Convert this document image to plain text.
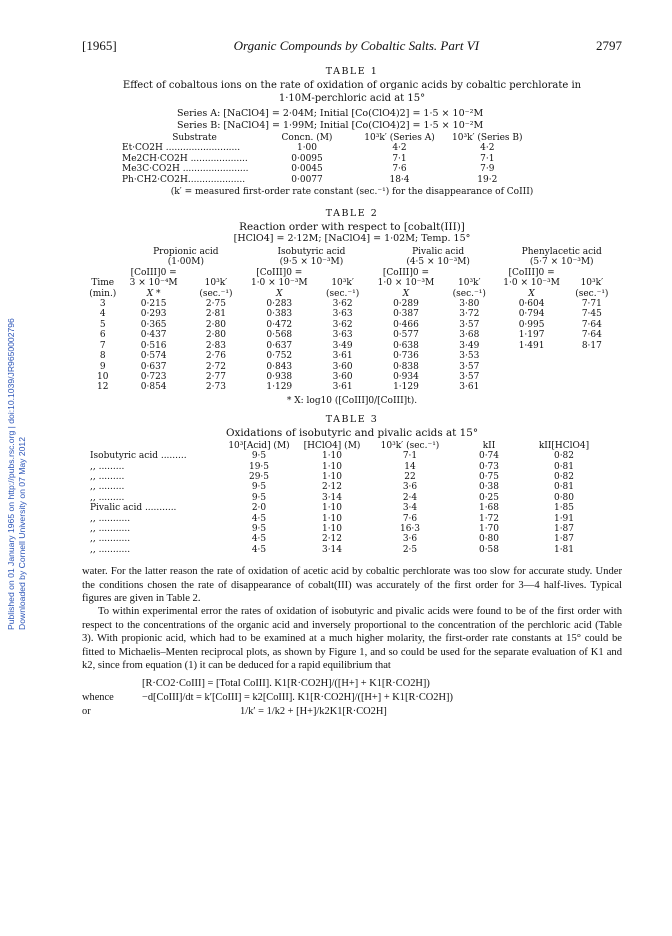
Published on 01 January 1965 on http://pubs.rsc.org | doi:10.1039/JR9650002796 Downloaded by Cornell University on 07 May 2012
[1965]	Organic Compounds by Cobaltic Salts. Part VI	2797
TABLE 1
Effect of cobaltous ions on the rate of oxidation of organic acids by cobaltic perchlorate in 1·10M-perchloric acid at 15°
Series A: [NaClO4] = 2·04M; Initial [Co(ClO4)2] = 1·5 × 10⁻²M
Series B: [NaClO4] = 1·99M; Initial [Co(ClO4)2] = 1·5 × 10⁻²M
Substrate	Concn. (M)	10³k′ (Series A)	10³k′ (Series B)
Et·CO2H ..........................	1·00	4·2	4·2
Me2CH·CO2H ....................	0·0095	7·1	7·1
Me3C·CO2H .......................	0·0045	7·6	7·9
Ph·CH2·CO2H....................	0·0077	18·4	19·2
(k′ = measured first-order rate constant (sec.⁻¹) for the disappearance of CoIII)
TABLE 2
Reaction order with respect to [cobalt(III)]
[HClO4] = 2·12M; [NaClO4] = 1·02M; Temp. 15°
	Propionic acid		Isobutyric acid		Pivalic acid		Phenylacetic acid	
	(1·00M)		(9·5 × 10⁻³M)		(4·5 × 10⁻³M)		(5·7 × 10⁻³M)	
	[CoIII]0 =		[CoIII]0 =		[CoIII]0 =		[CoIII]0 =	
Time	3 × 10⁻⁴M	10³k′	1·0 × 10⁻³M	10³k′	1·0 × 10⁻³M	10³k′	1·0 × 10⁻³M	10³k′
(min.)	X *	(sec.⁻¹)	X	(sec.⁻¹)	X	(sec.⁻¹)	X	(sec.⁻¹)
3	0·215	2·75	0·283	3·62	0·289	3·80	0·604	7·71
4	0·293	2·81	0·383	3·63	0·387	3·72	0·794	7·45
5	0·365	2·80	0·472	3·62	0·466	3·57	0·995	7·64
6	0·437	2·80	0·568	3·63	0·577	3·68	1·197	7·64
7	0·516	2·83	0·637	3·49	0·638	3·49	1·491	8·17
8	0·574	2·76	0·752	3·61	0·736	3·53		
9	0·637	2·72	0·843	3·60	0·838	3·57		
10	0·723	2·77	0·938	3·60	0·934	3·57		
12	0·854	2·73	1·129	3·61	1·129	3·61		
* X: log10 ([CoIII]0/[CoIII]t).
TABLE 3
Oxidations of isobutyric and pivalic acids at 15°
	10³[Acid] (M)	[HClO4] (M)	10³k′ (sec.⁻¹)	kII	kII[HClO4]
Isobutyric acid .........	9·5	1·10	7·1	0·74	0·82
,, .........	19·5	1·10	14	0·73	0·81
,, .........	29·5	1·10	22	0·75	0·82
,, .........	9·5	2·12	3·6	0·38	0·81
,, .........	9·5	3·14	2·4	0·25	0·80
Pivalic acid ...........	2·0	1·10	3·4	1·68	1·85
,, ...........	4·5	1·10	7·6	1·72	1·91
,, ...........	9·5	1·10	16·3	1·70	1·87
,, ...........	4·5	2·12	3·6	0·80	1·87
,, ...........	4·5	3·14	2·5	0·58	1·81

water. For the latter reason the rate of oxidation of acetic acid by cobaltic perchlorate was too slow for accurate study. Under the conditions chosen the rate of disappearance of cobalt(III) was accurately of the first order for 3—4 half-lives. Typical figures are given in Table 2.

To within experimental error the rates of oxidation of isobutyric and pivalic acids were found to be of the first order with respect to the concentrations of the organic acid and inversely proportional to the concentration of the perchloric acid (Table 3). With propionic acid, which had to be examined at a much higher molarity, the first-order rate constants at 15° could be fitted to Michaelis–Menten reciprocal plots, as shown by Figure 1, and so could be used for the separate evaluation of K1 and k2, since from equation (1) it can be deduced for a rapid equilibrium that

[R·CO2·CoIII] = [Total CoIII]. K1[R·CO2H]/([H+] + K1[R·CO2H])
whence	−d[CoIII]/dt = k′[CoIII] = k2[CoIII]. K1[R·CO2H]/([H+] + K1[R·CO2H])
or	1/k′ = 1/k2 + [H+]/k2K1[R·CO2H]
